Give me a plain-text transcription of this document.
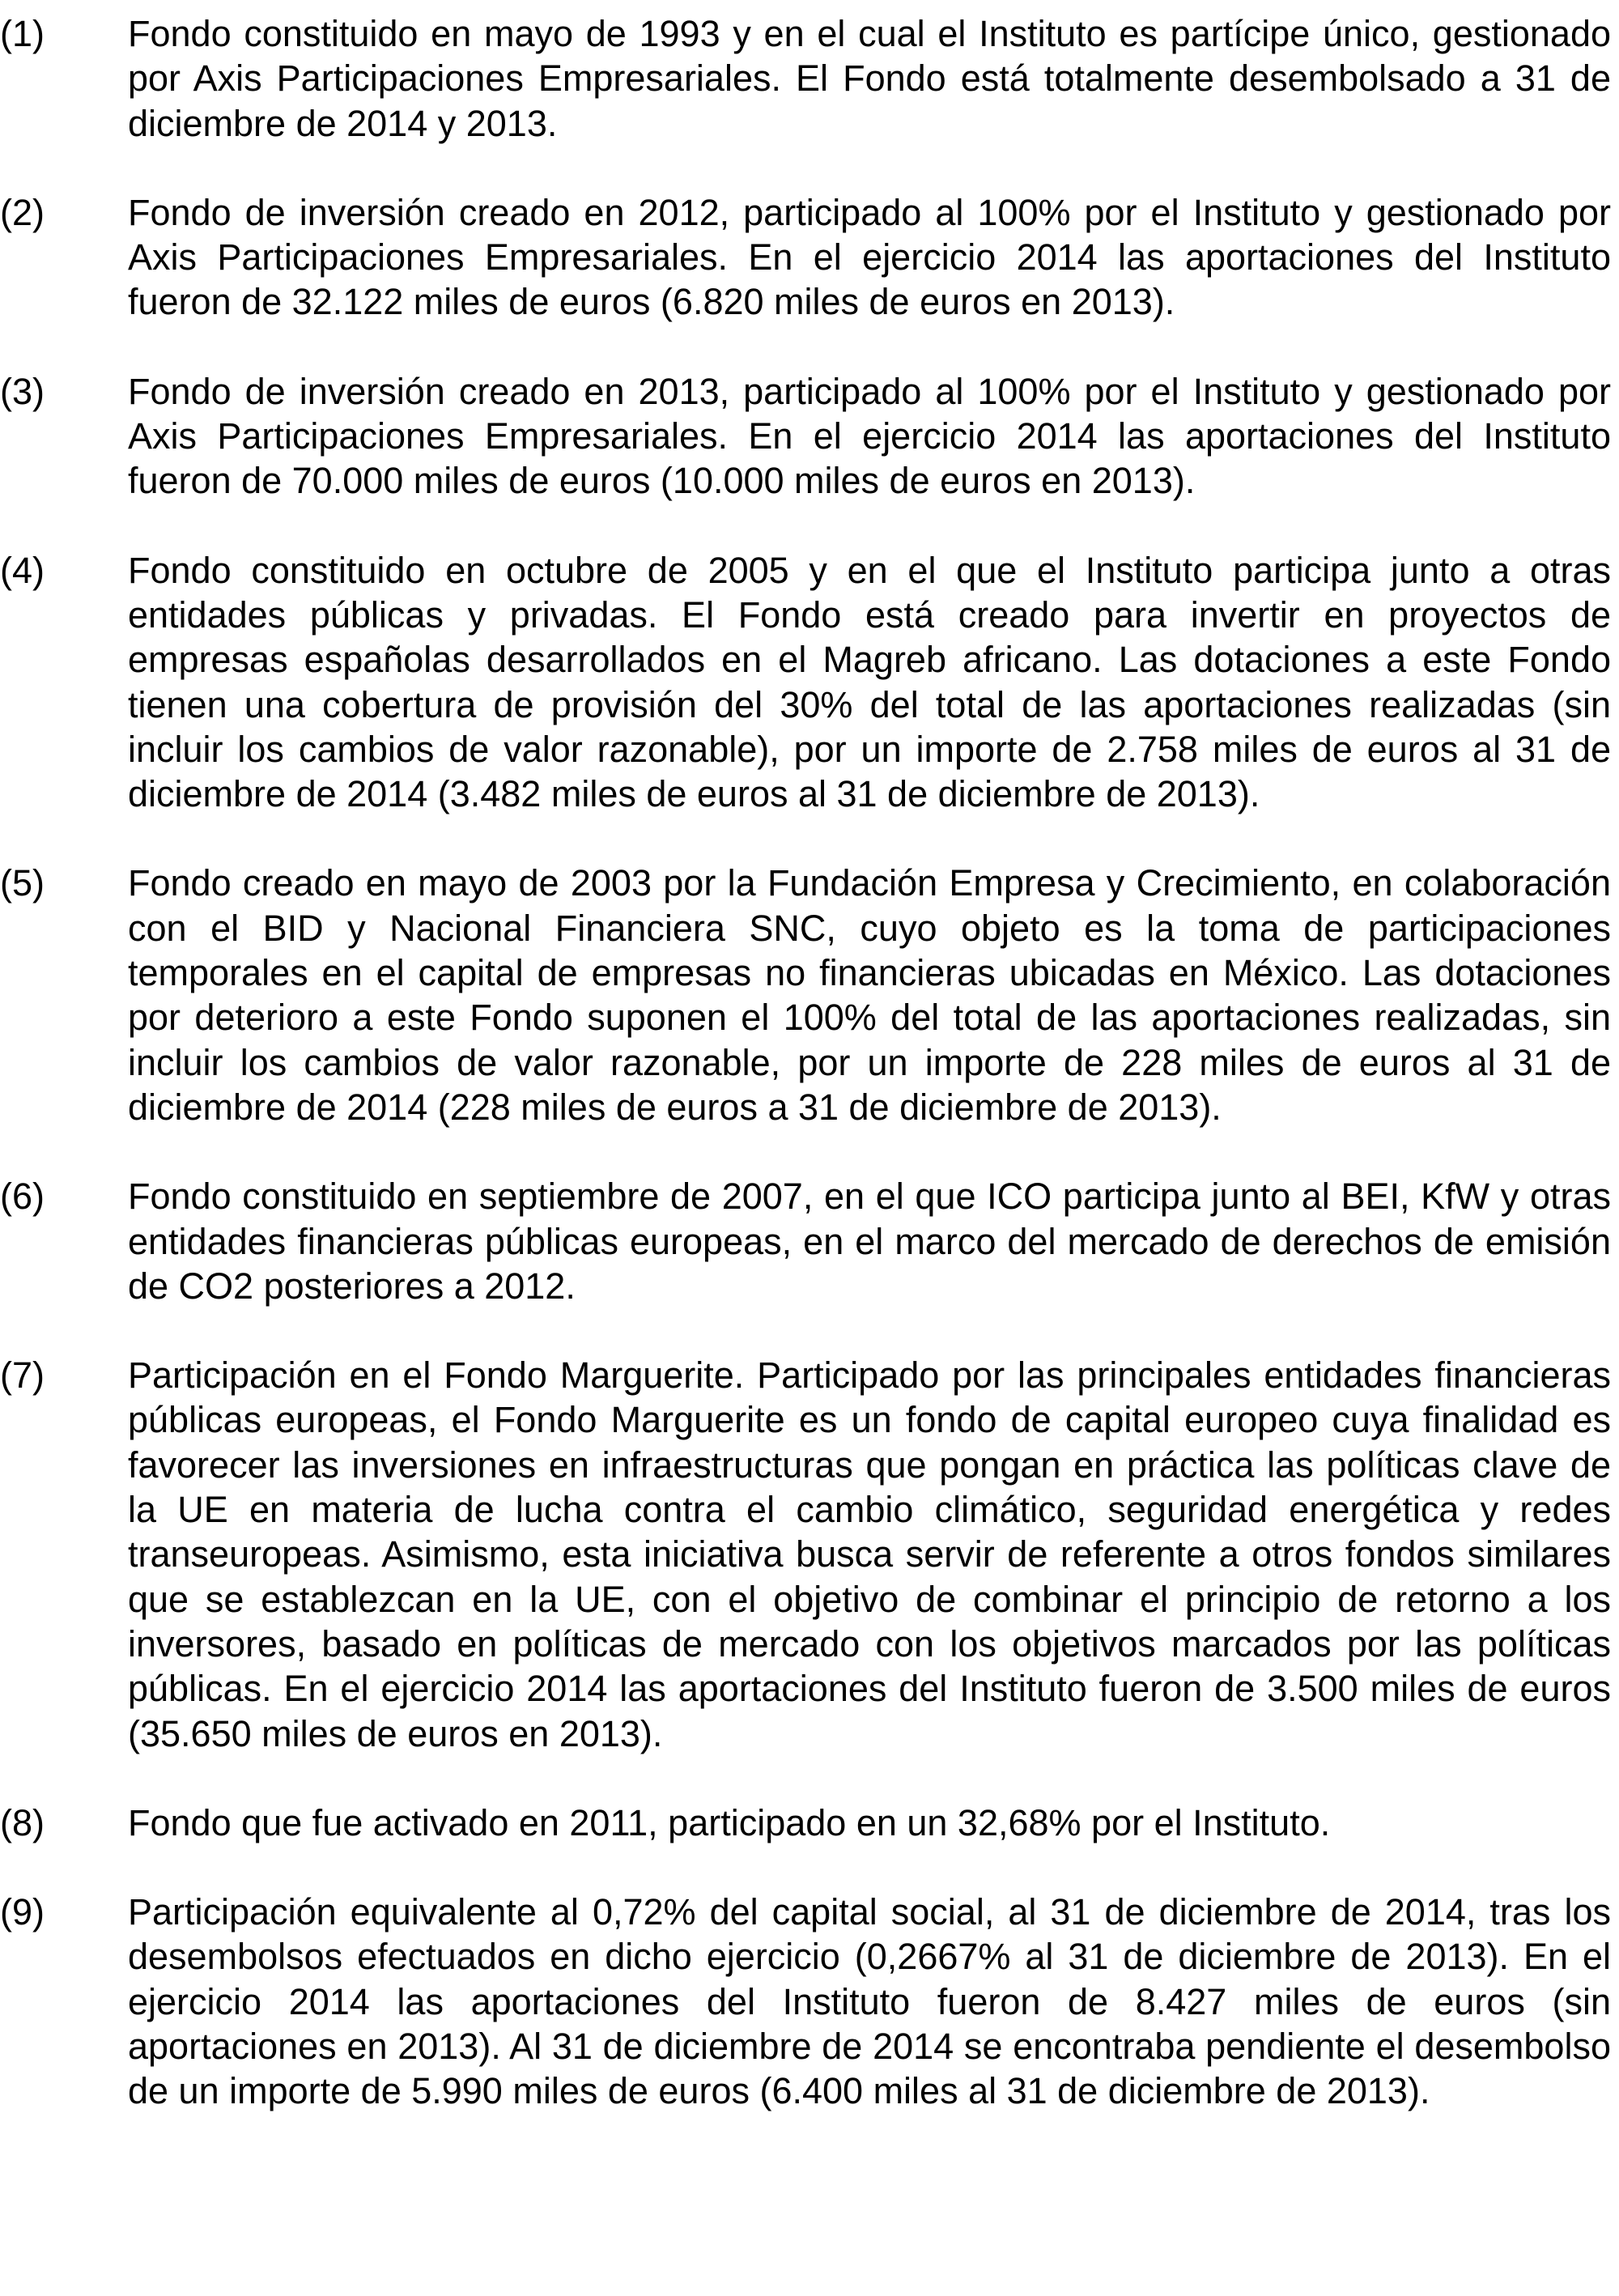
(1)	Fondo constituido en mayo de 1993 y en el cual el Instituto es partícipe único, gestionado por Axis Participaciones Empresariales. El Fondo está totalmente desembolsado a 31 de diciembre de 2014 y 2013.

(2)	Fondo de inversión creado en 2012, participado al 100% por el Instituto y gestionado por Axis Participaciones Empresariales. En el ejercicio 2014 las aportaciones del Instituto fueron de 32.122 miles de euros (6.820 miles de euros en 2013).

(3)	Fondo de inversión creado en 2013, participado al 100% por el Instituto y gestionado por Axis Participaciones Empresariales. En el ejercicio 2014 las aportaciones del Instituto fueron de 70.000 miles de euros (10.000 miles de euros en 2013).

(4)	Fondo constituido en octubre de 2005 y en el que el Instituto participa junto a otras entidades públicas y privadas. El Fondo está creado para invertir en proyectos de empresas españolas desarrollados en el Magreb africano. Las dotaciones a este Fondo tienen una cobertura de provisión del 30% del total de las aportaciones realizadas (sin incluir los cambios de valor razonable), por un importe de 2.758 miles de euros al 31 de diciembre de 2014 (3.482 miles de euros al 31 de diciembre de 2013).

(5)	Fondo creado en mayo de 2003 por la Fundación Empresa y Crecimiento, en colaboración con el BID y Nacional Financiera SNC, cuyo objeto es la toma de participaciones temporales en el capital de empresas no financieras ubicadas en México. Las dotaciones por deterioro a este Fondo suponen el 100% del total de las aportaciones realizadas, sin incluir los cambios de valor razonable, por un importe de 228 miles de euros al 31 de diciembre de 2014 (228 miles de euros a 31 de diciembre de 2013).

(6)	Fondo constituido en septiembre de 2007, en el que ICO participa junto al BEI, KfW y otras entidades financieras públicas europeas, en el marco del mercado de derechos de emisión de CO2 posteriores a 2012.

(7)	Participación en el Fondo Marguerite. Participado por las principales entidades financieras públicas europeas, el Fondo Marguerite es un fondo de capital europeo cuya finalidad es favorecer las inversiones en infraestructuras que pongan en práctica las políticas clave de la UE en materia de lucha contra el cambio climático, seguridad energética y redes transeuropeas. Asimismo, esta iniciativa busca servir de referente a otros fondos similares que se establezcan en la UE, con el objetivo de combinar el principio de retorno a los inversores, basado en políticas de mercado con los objetivos marcados por las políticas públicas. En el ejercicio 2014 las aportaciones del Instituto fueron de 3.500 miles de euros (35.650 miles de euros en 2013).

(8)	Fondo que fue activado en 2011, participado en un 32,68% por el Instituto.

(9)	Participación equivalente al 0,72% del capital social, al 31 de diciembre de 2014, tras los desembolsos efectuados en dicho ejercicio (0,2667% al 31 de diciembre de 2013). En el ejercicio 2014 las aportaciones del Instituto fueron de 8.427 miles de euros (sin aportaciones en 2013). Al 31 de diciembre de 2014 se encontraba pendiente el desembolso de un importe de 5.990 miles de euros (6.400 miles al 31 de diciembre de 2013).
